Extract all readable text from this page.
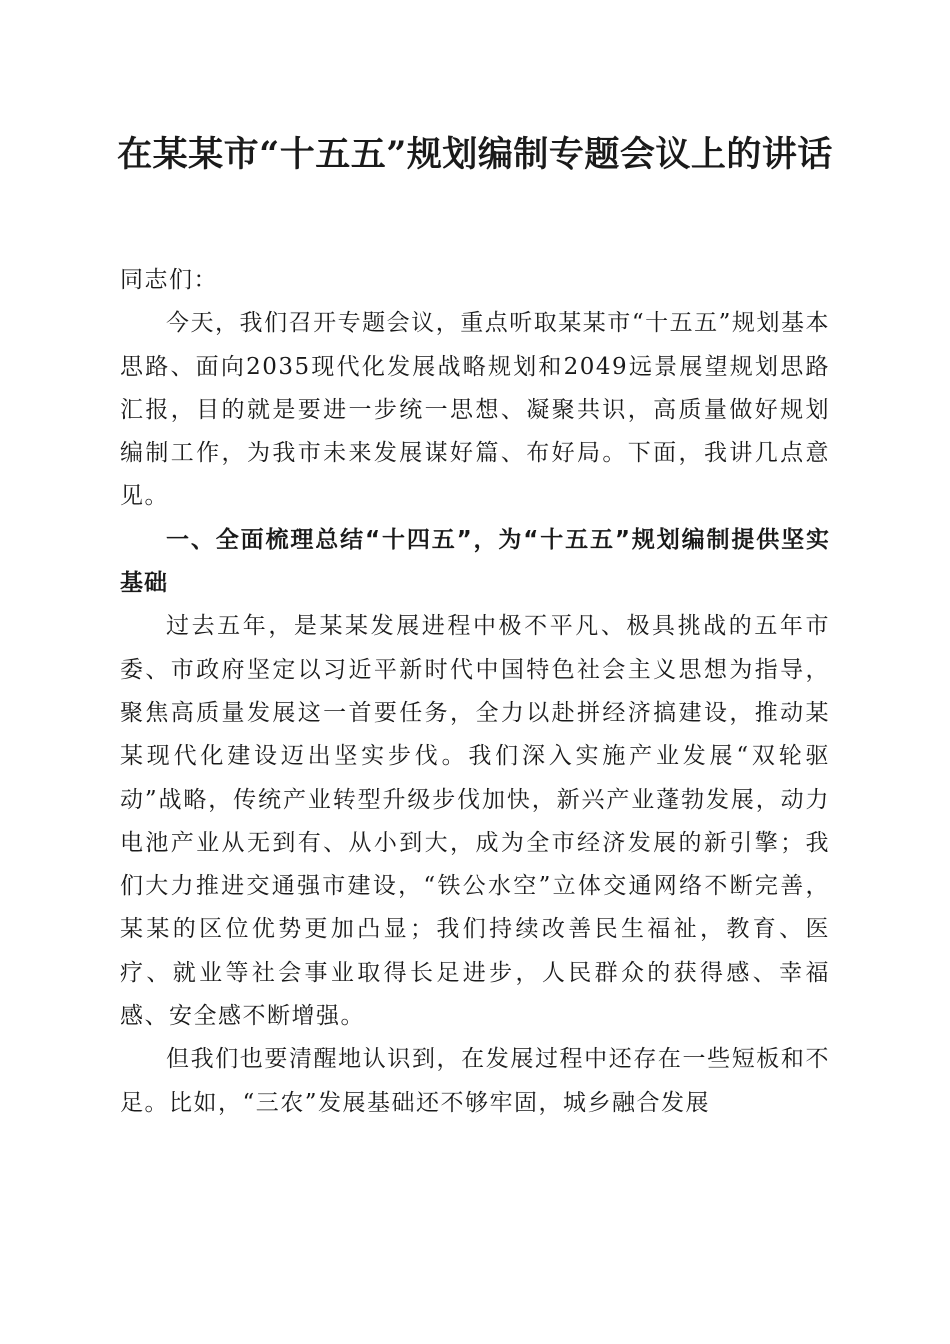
在某某市“十五五”规划编制专题会议上的讲话

同志们：

今天，我们召开专题会议，重点听取某某市“十五五”规划基本思路、面向2035现代化发展战略规划和2049远景展望规划思路汇报，目的就是要进一步统一思想、凝聚共识，高质量做好规划编制工作，为我市未来发展谋好篇、布好局。下面，我讲几点意见。

一、全面梳理总结“十四五”，为“十五五”规划编制提供坚实基础

过去五年，是某某发展进程中极不平凡、极具挑战的五年市委、市政府坚定以习近平新时代中国特色社会主义思想为指导，聚焦高质量发展这一首要任务，全力以赴拼经济搞建设，推动某某现代化建设迈出坚实步伐。我们深入实施产业发展“双轮驱动”战略，传统产业转型升级步伐加快，新兴产业蓬勃发展，动力电池产业从无到有、从小到大，成为全市经济发展的新引擎；我们大力推进交通强市建设，“铁公水空”立体交通网络不断完善，某某的区位优势更加凸显；我们持续改善民生福祉，教育、医疗、就业等社会事业取得长足进步，人民群众的获得感、幸福感、安全感不断增强。

但我们也要清醒地认识到，在发展过程中还存在一些短板和不足。比如，“三农”发展基础还不够牢固，城乡融合发展
